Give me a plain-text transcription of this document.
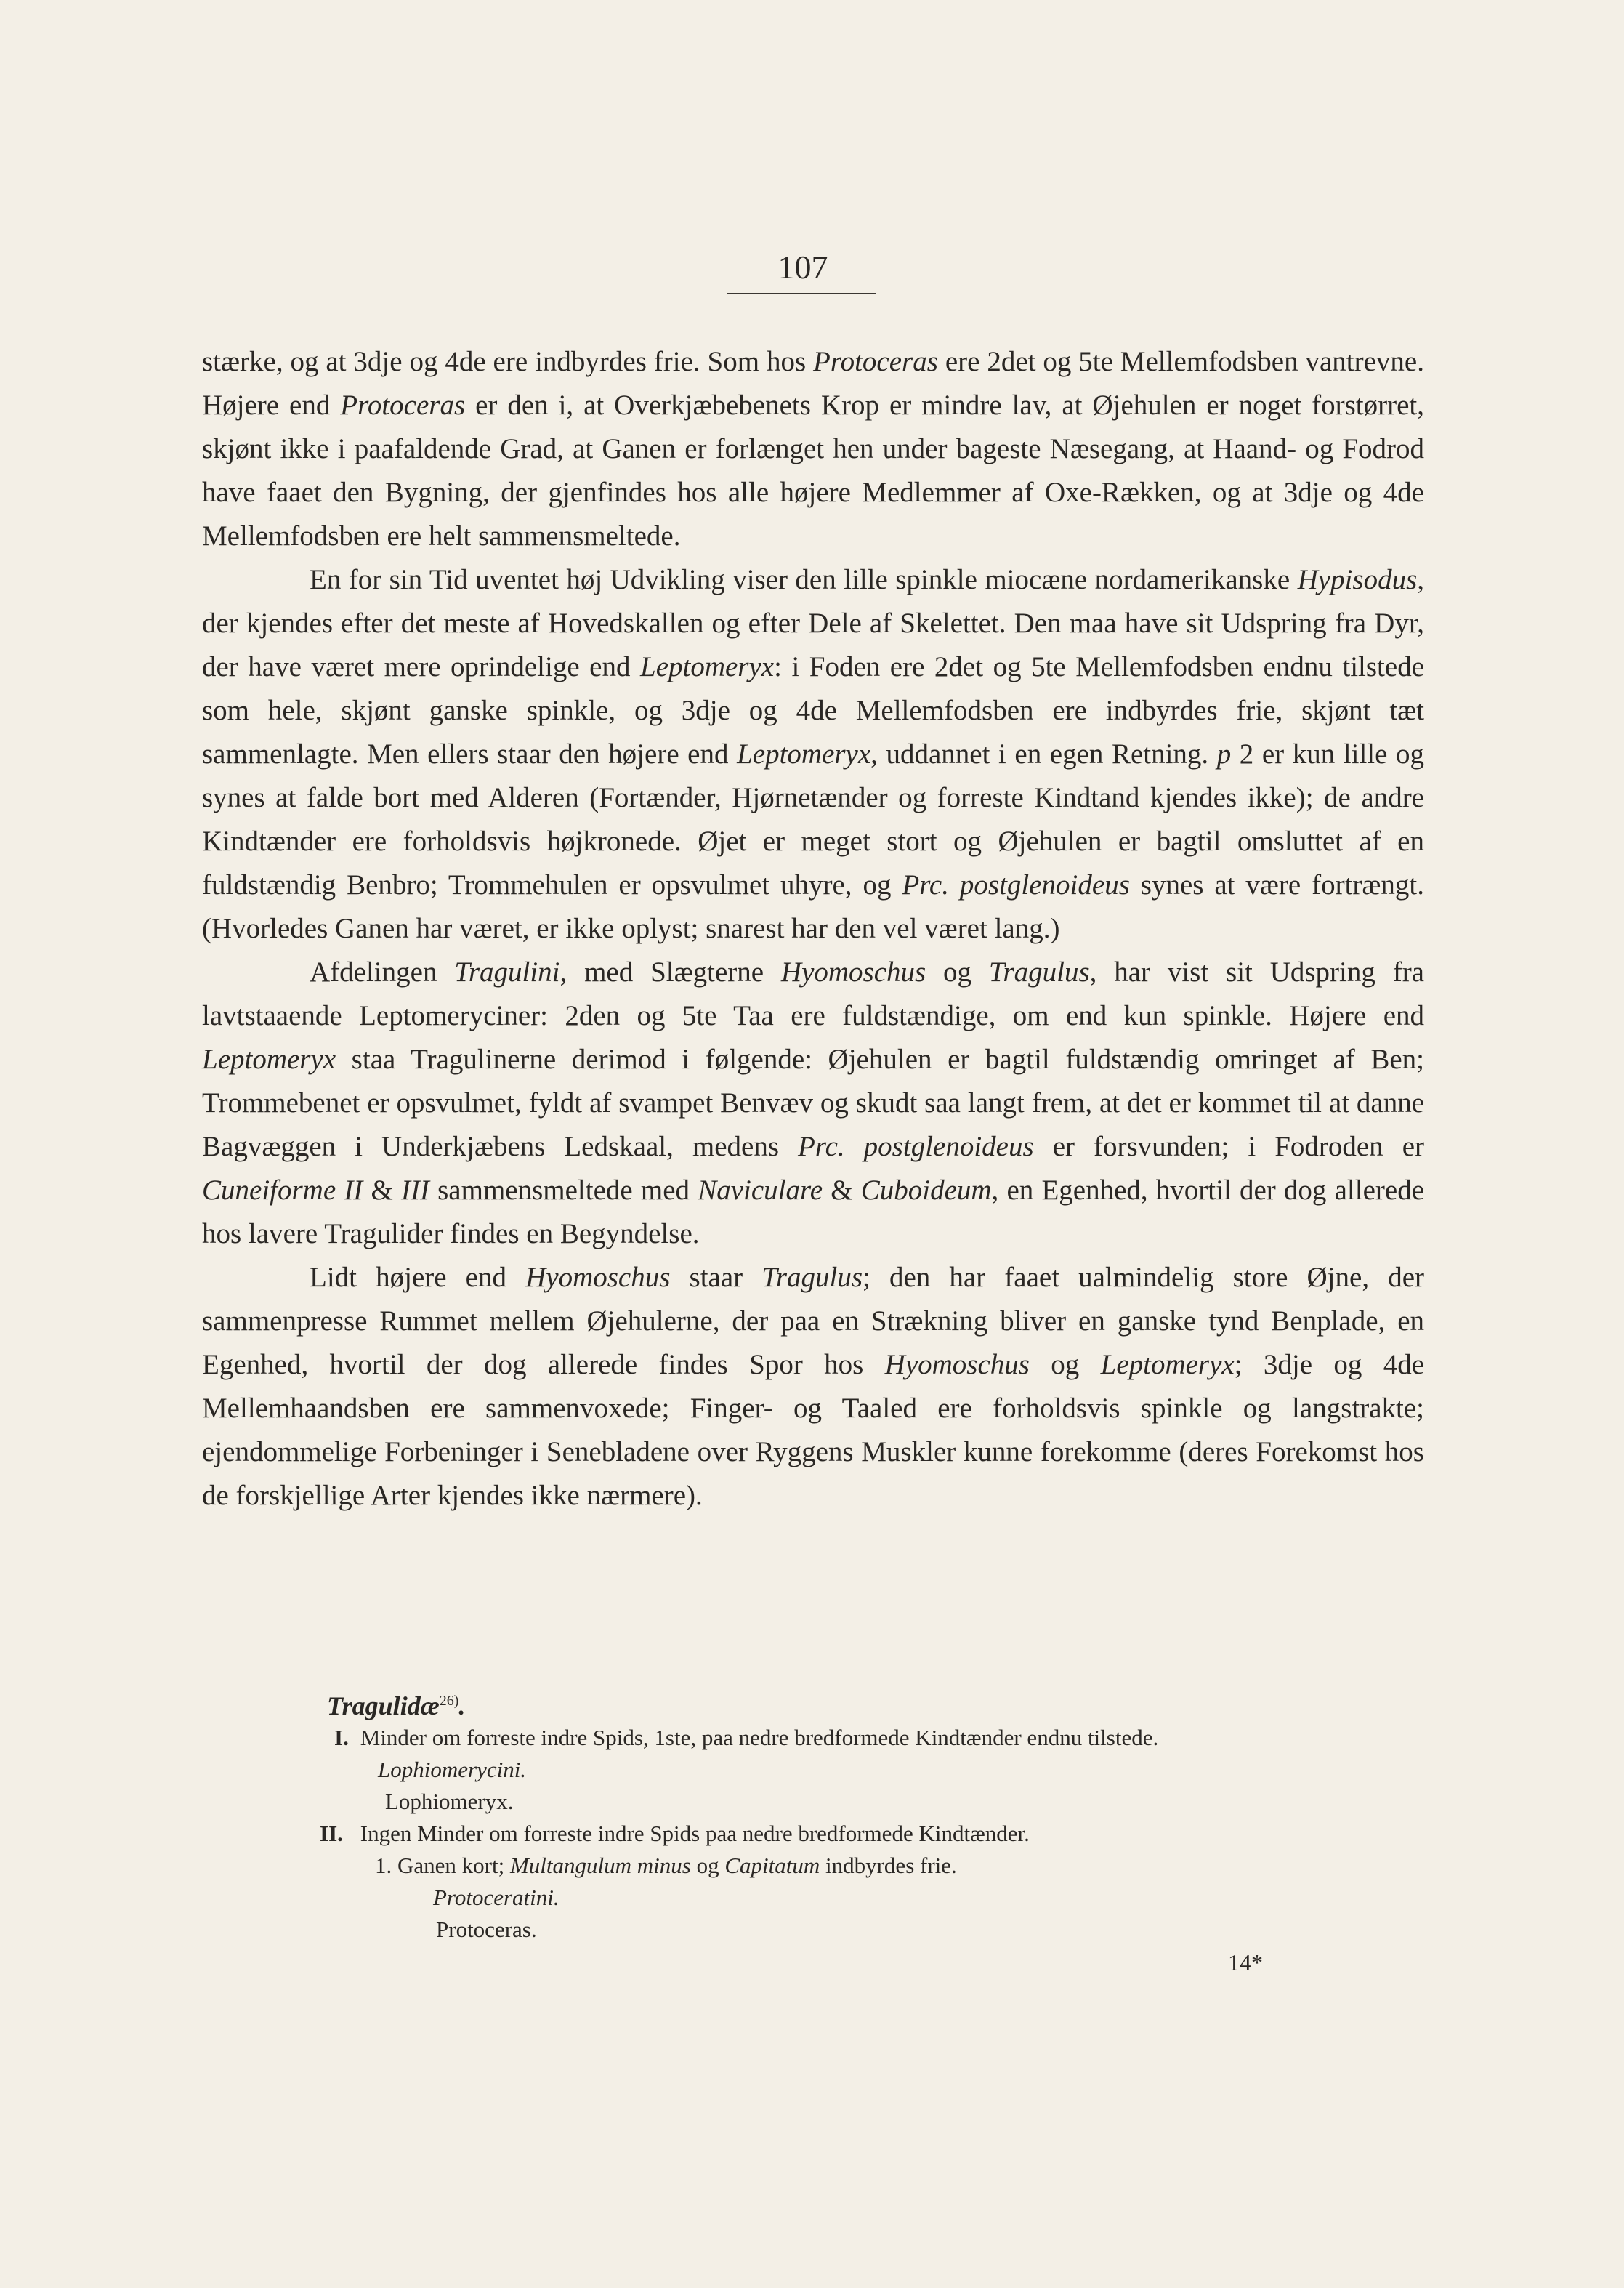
107

stærke, og at 3dje og 4de ere indbyrdes frie. Som hos Protoceras ere 2det og 5te Mellemfodsben vantrevne. Højere end Protoceras er den i, at Overkjæbebenets Krop er mindre lav, at Øjehulen er noget forstørret, skjønt ikke i paafaldende Grad, at Ganen er forlænget hen under bageste Næsegang, at Haand- og Fodrod have faaet den Bygning, der gjenfindes hos alle højere Medlemmer af Oxe-Rækken, og at 3dje og 4de Mellemfodsben ere helt sammensmeltede.

En for sin Tid uventet høj Udvikling viser den lille spinkle miocæne nordamerikanske Hypisodus, der kjendes efter det meste af Hovedskallen og efter Dele af Skelettet. Den maa have sit Udspring fra Dyr, der have været mere oprindelige end Leptomeryx: i Foden ere 2det og 5te Mellemfodsben endnu tilstede som hele, skjønt ganske spinkle, og 3dje og 4de Mellemfodsben ere indbyrdes frie, skjønt tæt sammenlagte. Men ellers staar den højere end Leptomeryx, uddannet i en egen Retning. p 2 er kun lille og synes at falde bort med Alderen (Fortænder, Hjørnetænder og forreste Kindtand kjendes ikke); de andre Kindtænder ere forholdsvis højkronede. Øjet er meget stort og Øjehulen er bagtil omsluttet af en fuldstændig Benbro; Trommehulen er opsvulmet uhyre, og Prc. postglenoideus synes at være fortrængt. (Hvorledes Ganen har været, er ikke oplyst; snarest har den vel været lang.)

Afdelingen Tragulini, med Slægterne Hyomoschus og Tragulus, har vist sit Udspring fra lavtstaaende Leptomeryciner: 2den og 5te Taa ere fuldstændige, om end kun spinkle. Højere end Leptomeryx staa Tragulinerne derimod i følgende: Øjehulen er bagtil fuldstændig omringet af Ben; Trommebenet er opsvulmet, fyldt af svampet Benvæv og skudt saa langt frem, at det er kommet til at danne Bagvæggen i Underkjæbens Ledskaal, medens Prc. postglenoideus er forsvunden; i Fodroden er Cuneiforme II & III sammensmeltede med Naviculare & Cuboideum, en Egenhed, hvortil der dog allerede hos lavere Tragulider findes en Begyndelse.

Lidt højere end Hyomoschus staar Tragulus; den har faaet ualmindelig store Øjne, der sammenpresse Rummet mellem Øjehulerne, der paa en Strækning bliver en ganske tynd Benplade, en Egenhed, hvortil der dog allerede findes Spor hos Hyomoschus og Leptomeryx; 3dje og 4de Mellemhaandsben ere sammenvoxede; Finger- og Taaled ere forholdsvis spinkle og langstrakte; ejendommelige Forbeninger i Senebladene over Ryggens Muskler kunne forekomme (deres Forekomst hos de forskjellige Arter kjendes ikke nærmere).

Tragulidæ$^{26)}$.
I. Minder om forreste indre Spids, 1ste, paa nedre bredformede Kindtænder endnu tilstede.
Lophiomerycini.
Lophiomeryx.
II. Ingen Minder om forreste indre Spids paa nedre bredformede Kindtænder.
1. Ganen kort; Multangulum minus og Capitatum indbyrdes frie.
Protoceratini.
Protoceras.
14*
